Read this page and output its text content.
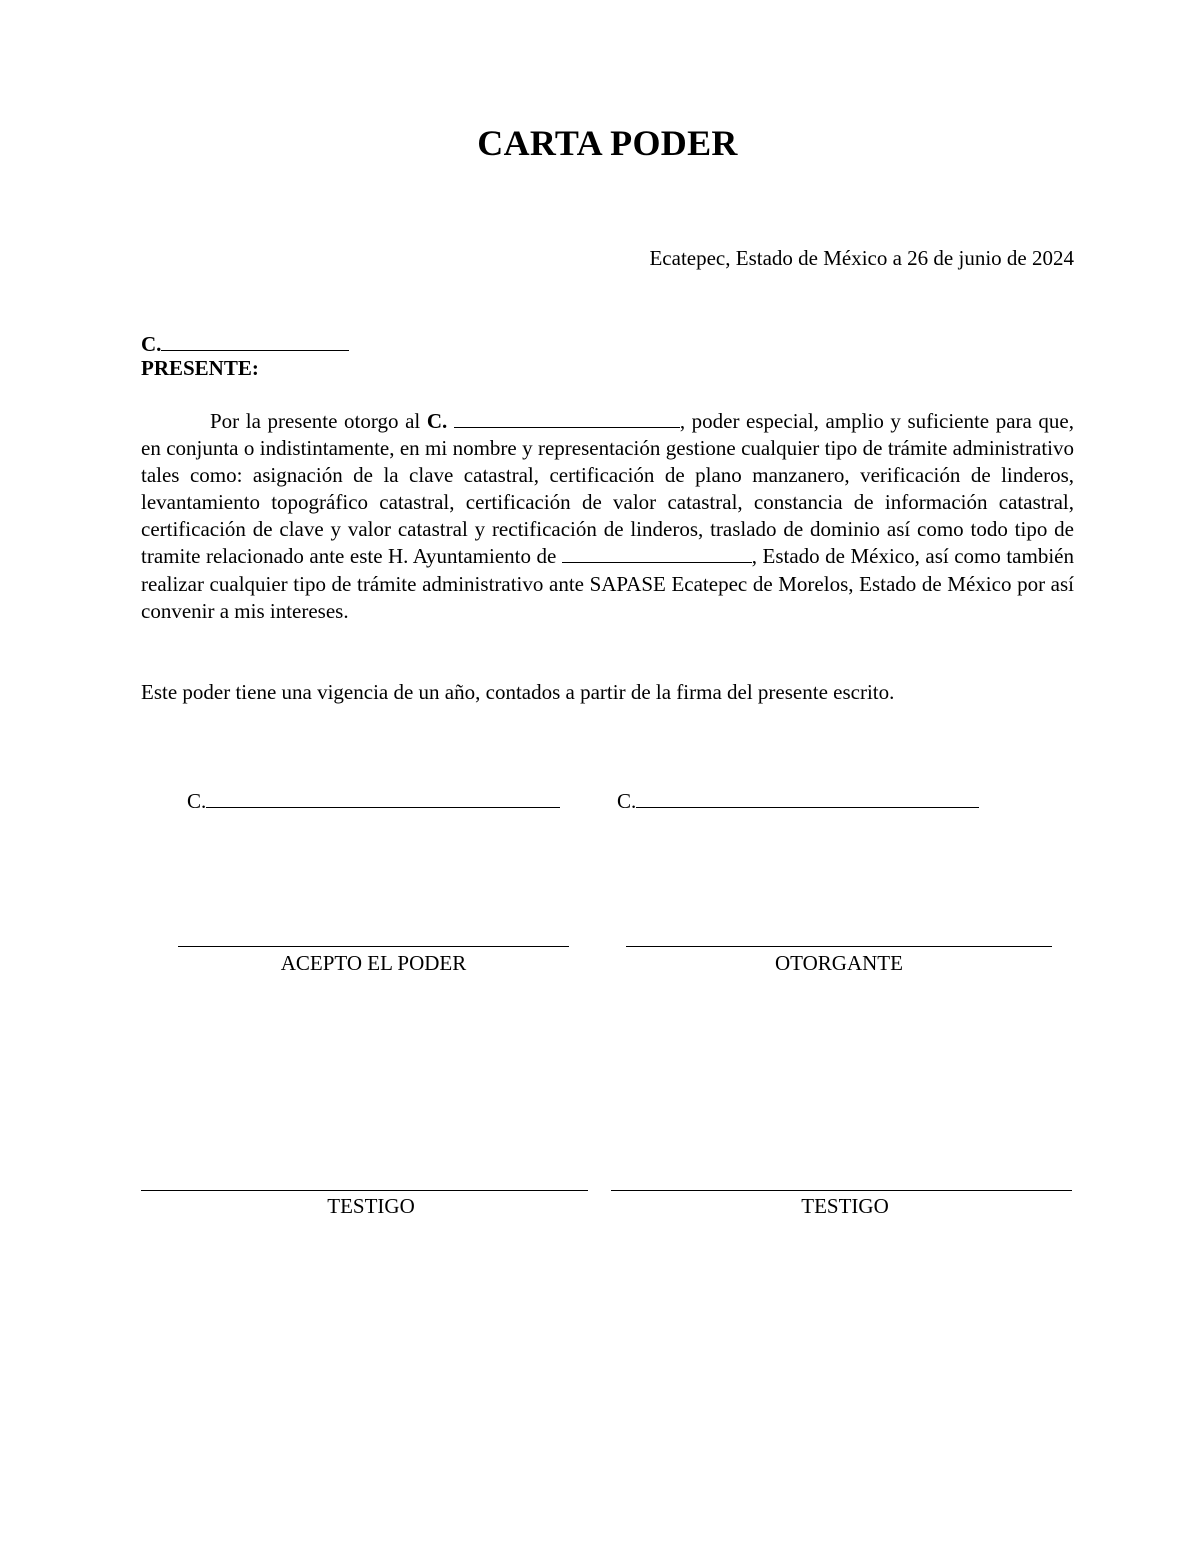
CARTA PODER
Ecatepec, Estado de México a 26 de junio de 2024
C.
PRESENTE:
Por la presente otorgo al C.	, poder especial, amplio y suficiente para que, en conjunta o indistintamente, en mi nombre y representación gestione cualquier tipo de trámite administrativo tales como: asignación de la clave catastral, certificación de plano manzanero, verificación de linderos, levantamiento topográfico catastral, certificación de valor catastral, constancia de información catastral, certificación de clave y valor catastral y rectificación de linderos, traslado de dominio así como todo tipo de tramite relacionado ante este H. Ayuntamiento de	, Estado de México, así como también realizar cualquier tipo de trámite administrativo ante SAPASE Ecatepec de Morelos, Estado de México por así convenir a mis intereses.
Este poder tiene una vigencia de un año, contados a partir de la firma del presente escrito.
C.	C.
ACEPTO EL PODER	OTORGANTE
TESTIGO	TESTIGO
